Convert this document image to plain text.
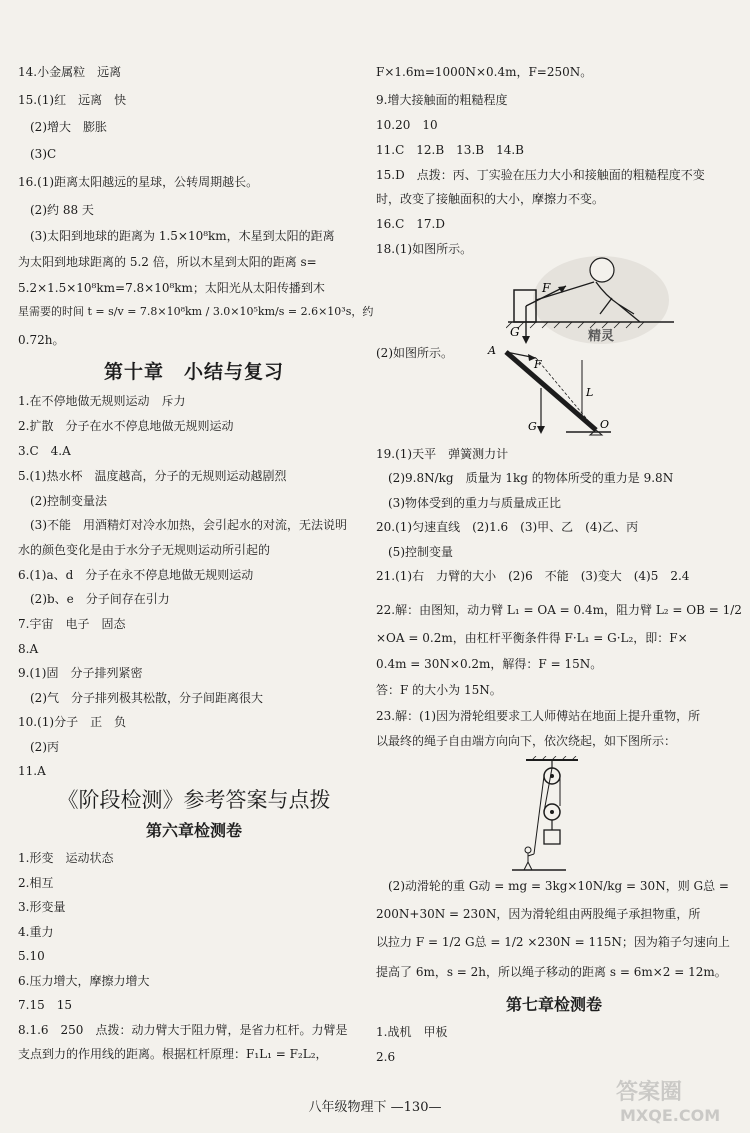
14.小金属粒　远离
15.(1)红　远离　快
　(2)增大　膨胀
　(3)C
16.(1)距离太阳越远的星球，公转周期越长。
　(2)约 88 天
　(3)太阳到地球的距离为 1.5×10⁸km，木星到太阳的距离
为太阳到地球距离的 5.2 倍，所以木星到太阳的距离 s=
5.2×1.5×10⁸km=7.8×10⁸km；太阳光从太阳传播到木
星需要的时间 t = s/v = 7.8×10⁸km / 3.0×10⁵km/s = 2.6×10³s，约
0.72h。
第十章　小结与复习
1.在不停地做无规则运动　斥力
2.扩散　分子在水不停息地做无规则运动
3.C　4.A
5.(1)热水杯　温度越高，分子的无规则运动越剧烈
　(2)控制变量法
　(3)不能　用酒精灯对冷水加热，会引起水的对流，无法说明
水的颜色变化是由于水分子无规则运动所引起的
6.(1)a、d　分子在永不停息地做无规则运动
　(2)b、e　分子间存在引力
7.宇宙　电子　固态
8.A
9.(1)固　分子排列紧密
　(2)气　分子排列极其松散，分子间距离很大
10.(1)分子　正　负
　(2)丙
11.A
《阶段检测》参考答案与点拨
第六章检测卷
1.形变　运动状态
2.相互
3.形变量
4.重力
5.10
6.压力增大，摩擦力增大
7.15　15
8.1.6　250　点拨：动力臂大于阻力臂，是省力杠杆。力臂是
支点到力的作用线的距离。根据杠杆原理：F₁L₁ = F₂L₂，
F×1.6m=1000N×0.4m，F=250N。
9.增大接触面的粗糙程度
10.20　10
11.C　12.B　13.B　14.B
15.D　点拨：丙、丁实验在压力大小和接触面的粗糙程度不变
时，改变了接触面积的大小，摩擦力不变。
16.C　17.D
18.(1)如图所示。
F
G	精灵
(2)如图所示。	A
F
L
G	O
19.(1)天平　弹簧测力计
　(2)9.8N/kg　质量为 1kg 的物体所受的重力是 9.8N
　(3)物体受到的重力与质量成正比
20.(1)匀速直线　(2)1.6　(3)甲、乙　(4)乙、丙
　(5)控制变量
21.(1)右　力臂的大小　(2)6　不能　(3)变大　(4)5　2.4
22.解：由图知，动力臂 L₁ = OA = 0.4m，阻力臂 L₂ = OB = 1/2
×OA = 0.2m，由杠杆平衡条件得 F·L₁ = G·L₂，即：F×
0.4m = 30N×0.2m，解得：F = 15N。
答：F 的大小为 15N。
23.解：(1)因为滑轮组要求工人师傅站在地面上提升重物，所
以最终的绳子自由端方向向下，依次绕起，如下图所示：
　(2)动滑轮的重 G动 = mg = 3kg×10N/kg = 30N，则 G总 =
200N+30N = 230N，因为滑轮组由两股绳子承担物重，所
以拉力 F = 1/2 G总 = 1/2 ×230N = 115N；因为箱子匀速向上
提高了 6m，s = 2h，所以绳子移动的距离 s = 6m×2 = 12m。
第七章检测卷
1.战机　甲板
2.6
八年级物理下 —130—
答案圈
MXQE.COM
